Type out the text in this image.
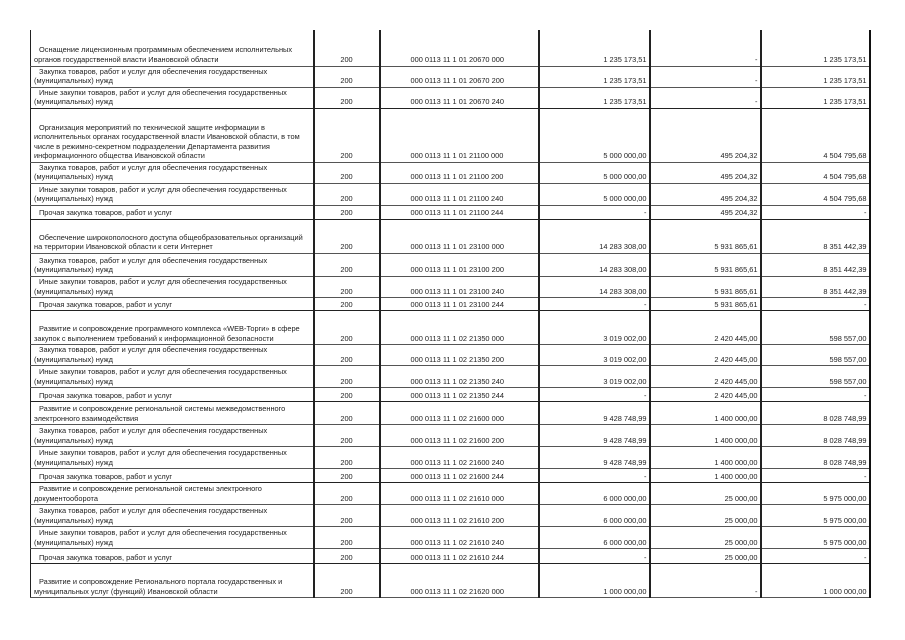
Оснащение лицензионным программным обеспечением исполнительных органов государственной власти Ивановской области	200	000 0113 11 1 01 20670 000	1 235 173,51	-	1 235 173,51
Закупка товаров, работ и услуг для обеспечения государственных (муниципальных) нужд	200	000 0113 11 1 01 20670 200	1 235 173,51	-	1 235 173,51
Иные закупки товаров, работ и услуг для обеспечения государственных (муниципальных) нужд	200	000 0113 11 1 01 20670 240	1 235 173,51	-	1 235 173,51
Организация мероприятий по технической защите информации в исполнительных органах государственной власти Ивановской области, в том числе в режимно-секретном подразделении Департамента развития информационного общества Ивановской области	200	000 0113 11 1 01 21100 000	5 000 000,00	495 204,32	4 504 795,68
Закупка товаров, работ и услуг для обеспечения государственных (муниципальных) нужд	200	000 0113 11 1 01 21100 200	5 000 000,00	495 204,32	4 504 795,68
Иные закупки товаров, работ и услуг для обеспечения государственных (муниципальных) нужд	200	000 0113 11 1 01 21100 240	5 000 000,00	495 204,32	4 504 795,68
Прочая закупка товаров, работ и услуг	200	000 0113 11 1 01 21100 244	-	495 204,32	-
Обеспечение широкополосного доступа общеобразовательных организаций на территории Ивановской области к сети Интернет	200	000 0113 11 1 01 23100 000	14 283 308,00	5 931 865,61	8 351 442,39
Закупка товаров, работ и услуг для обеспечения государственных (муниципальных) нужд	200	000 0113 11 1 01 23100 200	14 283 308,00	5 931 865,61	8 351 442,39
Иные закупки товаров, работ и услуг для обеспечения государственных (муниципальных) нужд	200	000 0113 11 1 01 23100 240	14 283 308,00	5 931 865,61	8 351 442,39
Прочая закупка товаров, работ и услуг	200	000 0113 11 1 01 23100 244	-	5 931 865,61	-
Развитие и сопровождение программного комплекса «WEB-Торги» в сфере закупок с выполнением требований к информационной безопасности	200	000 0113 11 1 02 21350 000	3 019 002,00	2 420 445,00	598 557,00
Закупка товаров, работ и услуг для обеспечения государственных (муниципальных) нужд	200	000 0113 11 1 02 21350 200	3 019 002,00	2 420 445,00	598 557,00
Иные закупки товаров, работ и услуг для обеспечения государственных (муниципальных) нужд	200	000 0113 11 1 02 21350 240	3 019 002,00	2 420 445,00	598 557,00
Прочая закупка товаров, работ и услуг	200	000 0113 11 1 02 21350 244	-	2 420 445,00	-
Развитие и сопровождение региональной системы межведомственного электронного взаимодействия	200	000 0113 11 1 02 21600 000	9 428 748,99	1 400 000,00	8 028 748,99
Закупка товаров, работ и услуг для обеспечения государственных (муниципальных) нужд	200	000 0113 11 1 02 21600 200	9 428 748,99	1 400 000,00	8 028 748,99
Иные закупки товаров, работ и услуг для обеспечения государственных (муниципальных) нужд	200	000 0113 11 1 02 21600 240	9 428 748,99	1 400 000,00	8 028 748,99
Прочая закупка товаров, работ и услуг	200	000 0113 11 1 02 21600 244	-	1 400 000,00	-
Развитие и сопровождение региональной системы электронного документооборота	200	000 0113 11 1 02 21610 000	6 000 000,00	25 000,00	5 975 000,00
Закупка товаров, работ и услуг для обеспечения государственных (муниципальных) нужд	200	000 0113 11 1 02 21610 200	6 000 000,00	25 000,00	5 975 000,00
Иные закупки товаров, работ и услуг для обеспечения государственных (муниципальных) нужд	200	000 0113 11 1 02 21610 240	6 000 000,00	25 000,00	5 975 000,00
Прочая закупка товаров, работ и услуг	200	000 0113 11 1 02 21610 244	-	25 000,00	-
Развитие и сопровождение Регионального портала государственных и муниципальных услуг (функций) Ивановской области	200	000 0113 11 1 02 21620 000	1 000 000,00	-	1 000 000,00
